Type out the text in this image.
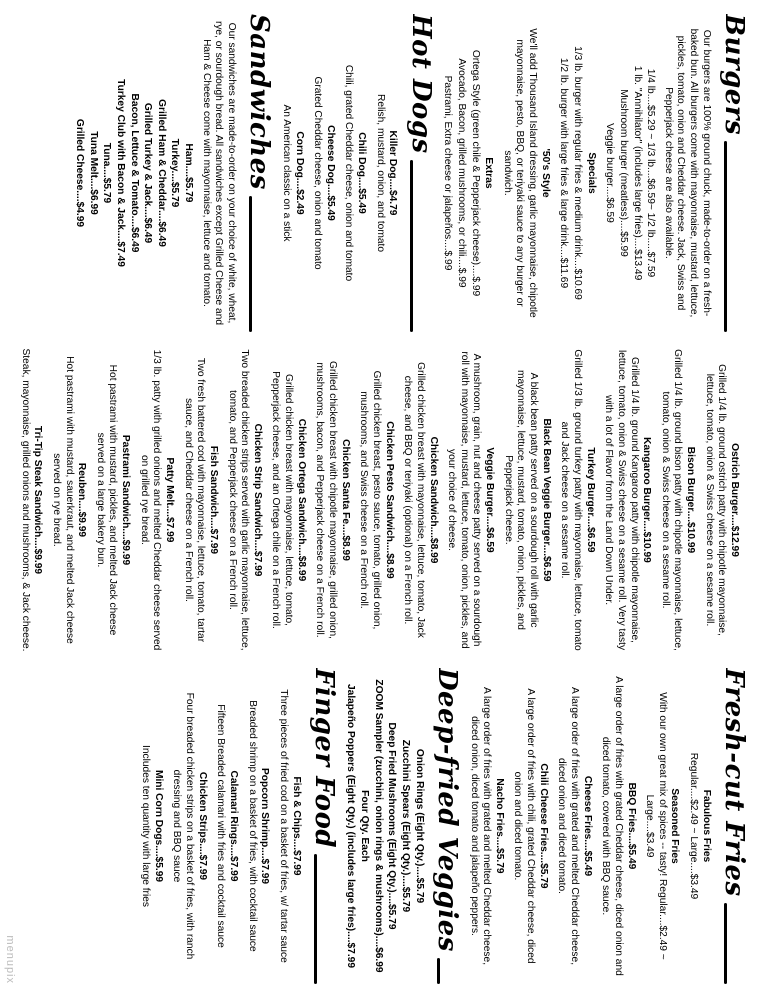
Burgers
Our burgers are 100% ground chuck, made-to-order on a fresh-baked bun. All burgers come with mayonnaise, mustard, lettuce, pickles, tomato, onion and Cheddar cheese. Jack, Swiss and Pepperjack cheese are also available.
1/4 lb....$5.29 ~ 1/3 lb....$6.59~ 1/2 lb.....$7.59
1 lb. "Annihilator" (includes large fries)....$13.49
Mushroom burger (meatless)....$5.99
Veggie burger....$6.59
Specials
1/3 lb. burger with regular fries & medium drink....$10.69
1/2 lb. burger with large fries & large drink....$11.69
'50's Style
We'll add Thousand Island dressing, garlic mayonnaise, chipotle mayonnaise, pesto, BBQ, or teriyaki sauce to any burger or sandwich.
Extras
Ortega Style (green chile & Pepperjack cheese)....$.99
Avocado, Bacon, grilled mushrooms, or chili....$.99
Pastrami, Extra cheese or jalapeños....$.99
Hot Dogs
Killer Dog....$4.79
Relish, mustard, onion, and tomato
Chili Dog....$5.49
Chili, grated Cheddar cheese, onion and tomato
Cheese Dog....$5.49
Grated Cheddar cheese, onion and tomato
Corn Dog....$2.49
An American classic on a stick
Sandwiches
Our sandwiches are made-to-order on your choice of white, wheat, rye, or sourdough bread. All sandwiches except Grilled Cheese and Ham & Cheese come with mayonnaise, lettuce and tomato.
Ham....$5.79
Turkey....$5.79
Grilled Ham & Cheddar....$6.49
Grilled Turkey & Jack....$6.49
Bacon, Lettuce & Tomato....$6.49
Turkey Club with Bacon & Jack....$7.49
Tuna....$5.79
Tuna Melt....$6.99
Grilled Cheese....$4.99
Ostrich Burger....$12.99
Grilled 1/4 lb. ground ostrich patty with chipotle mayonnaise, lettuce, tomato, onion & Swiss cheese on a sesame roll.
Bison Burger....$10.99
Grilled 1/4 lb. ground bison patty with chipotle mayonnaise, lettuce, tomato, onion & Swiss cheese on a sesame roll.
Kangaroo Burger....$10.99
Grilled 1/4 lb. ground Kangaroo patty with chipotle mayonnaise, lettuce, tomato, onion & Swiss cheese on a sesame roll. Very tasty with a lot of Flavor from the Land Down Under.
Turkey Burger....$6.59
Grilled 1/3 lb. ground turkey patty with mayonnaise, lettuce, tomato and Jack cheese on a sesame roll.
Black Bean Veggie Burger....$6.59
A black bean patty served on a sourdough roll with garlic mayonnaise, lettuce, mustard, tomato, onion, pickles, and Pepperjack cheese.
Veggie Burger....$6.59
A mushroom, grain, nut and cheese patty served on a sourdough roll with mayonnaise, mustard, lettuce, tomato, onion, pickles, and your choice of cheese.
Chicken Sandwich....$8.99
Grilled chicken breast with mayonnaise, lettuce, tomato, Jack cheese, and BBQ or teriyaki (optional) on a French roll.
Chicken Pesto Sandwich....$8.99
Grilled chicken breast, pesto sauce, tomato, grilled onion, mushrooms, and Swiss cheese on a French roll.
Chicken Santa Fe....$8.99
Grilled chicken breast with chipotle mayonnaise, grilled onion, mushrooms, bacon, and Pepperjack cheese on a French roll.
Chicken Ortega Sandwich....$8.99
Grilled chicken breast with mayonnaise, lettuce, tomato, Pepperjack cheese, and an Ortega chile on a French roll.
Chicken Strip Sandwich....$7.99
Two breaded chicken strips served with garlic mayonnaise, lettuce, tomato, and Pepperjack cheese on a French roll.
Fish Sandwich....$7.99
Two fresh battered cod with mayonnaise, lettuce, tomato, tartar sauce, and Cheddar cheese on a French roll.
Patty Melt....$7.99
1/3 lb. patty with grilled onions and melted Cheddar cheese served on grilled rye bread.
Pastrami Sandwich....$9.99
Hot pastrami with mustard, pickles, and melted Jack cheese served on a large bakery bun.
Reuben....$9.99
Hot pastrami with mustard, sauerkraut, and melted Jack cheese served on rye bread.
Tri-Tip Steak Sandwich....$9.99
Steak, mayonnaise, grilled onions and mushrooms, & Jack cheese.
Fresh-cut Fries
Fabulous Fries
Regular....$2.49 ~ Large....$3.49
Seasoned Fries
With our own great mix of spices -- tasty! Regular....$2.49 ~ Large....$3.49
BBQ Fries....$5.49
A large order of fries with grated Cheddar cheese, diced onion and diced tomato, covered with BBQ sauce.
Cheese Fries....$5.49
A large order of fries with grated and melted Cheddar cheese, diced onion and diced tomato.
Chili Cheese Fries....$5.79
A large order of fries with chili, grated Cheddar cheese, diced onion and diced tomato.
Nacho Fries....$5.79
A large order of fries with grated and melted Cheddar cheese, diced onion, diced tomato and jalapeño peppers.
Deep-fried Veggies
Onion Rings (Eight Qty.)....$5.79
Zucchini Spears (Eight Qty.)....$5.79
Deep Fried Mushrooms (Eight Qty.)....$5.79
ZOOM Sampler (zucchini, onion rings & mushrooms)....$6.99
Four Qty. Each
Jalapeño Poppers (Eight Qty.) (includes large fries)....$7.99
Finger Food
Fish & Chips....$7.99
Three pieces of fried cod on a basket of fries, w/ tartar sauce
Popcorn Shrimp....$7.99
Breaded shrimp on a basket of fries, with cocktail sauce
Calamari Rings....$7.99
Fifteen Breaded calamari with fries and cocktail sauce
Chicken Strips....$7.99
Four breaded chicken strips on a basket of fries, with ranch dressing and BBQ sauce
Mini Corn Dogs....$5.99
Includes ten quantity with large fries
menupix
